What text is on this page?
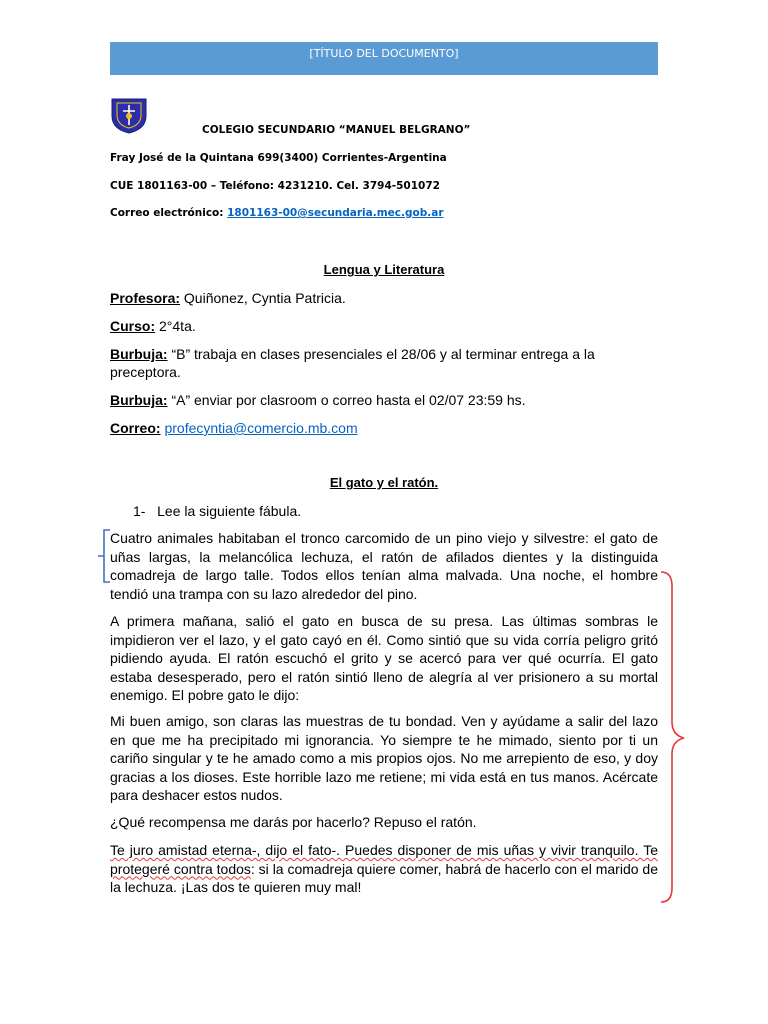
[TÍTULO DEL DOCUMENTO]
COLEGIO SECUNDARIO “MANUEL BELGRANO”
Fray José de la Quintana 699(3400) Corrientes-Argentina
CUE 1801163-00 – Teléfono: 4231210. Cel. 3794-501072
Correo electrónico: 1801163-00@secundaria.mec.gob.ar
Lengua y Literatura
Profesora: Quiñonez, Cyntia Patricia.
Curso: 2°4ta.
Burbuja: “B” trabaja en clases presenciales el 28/06 y al terminar entrega a la preceptora.
Burbuja: “A” enviar por clasroom o correo hasta el 02/07 23:59 hs.
Correo: profecyntia@comercio.mb.com
El gato y el ratón.
1- Lee la siguiente fábula.
Cuatro animales habitaban el tronco carcomido de un pino viejo y silvestre: el gato de uñas largas, la melancólica lechuza, el ratón de afilados dientes y la distinguida comadreja de largo talle. Todos ellos tenían alma malvada. Una noche, el hombre tendió una trampa con su lazo alrededor del pino.
A primera mañana, salió el gato en busca de su presa. Las últimas sombras le impidieron ver el lazo, y el gato cayó en él. Como sintió que su vida corría peligro gritó pidiendo ayuda. El ratón escuchó el grito y se acercó para ver qué ocurría. El gato estaba desesperado, pero el ratón sintió lleno de alegría al ver prisionero a su mortal enemigo. El pobre gato le dijo:
Mi buen amigo, son claras las muestras de tu bondad. Ven y ayúdame a salir del lazo en que me ha precipitado mi ignorancia. Yo siempre te he mimado, siento por ti un cariño singular y te he amado como a mis propios ojos. No me arrepiento de eso, y doy gracias a los dioses. Este horrible lazo me retiene; mi vida está en tus manos. Acércate para deshacer estos nudos.
¿Qué recompensa me darás por hacerlo? Repuso el ratón.
Te juro amistad eterna-, dijo el fato-. Puedes disponer de mis uñas y vivir tranquilo. Te protegeré contra todos: si la comadreja quiere comer, habrá de hacerlo con el marido de la lechuza. ¡Las dos te quieren muy mal!
